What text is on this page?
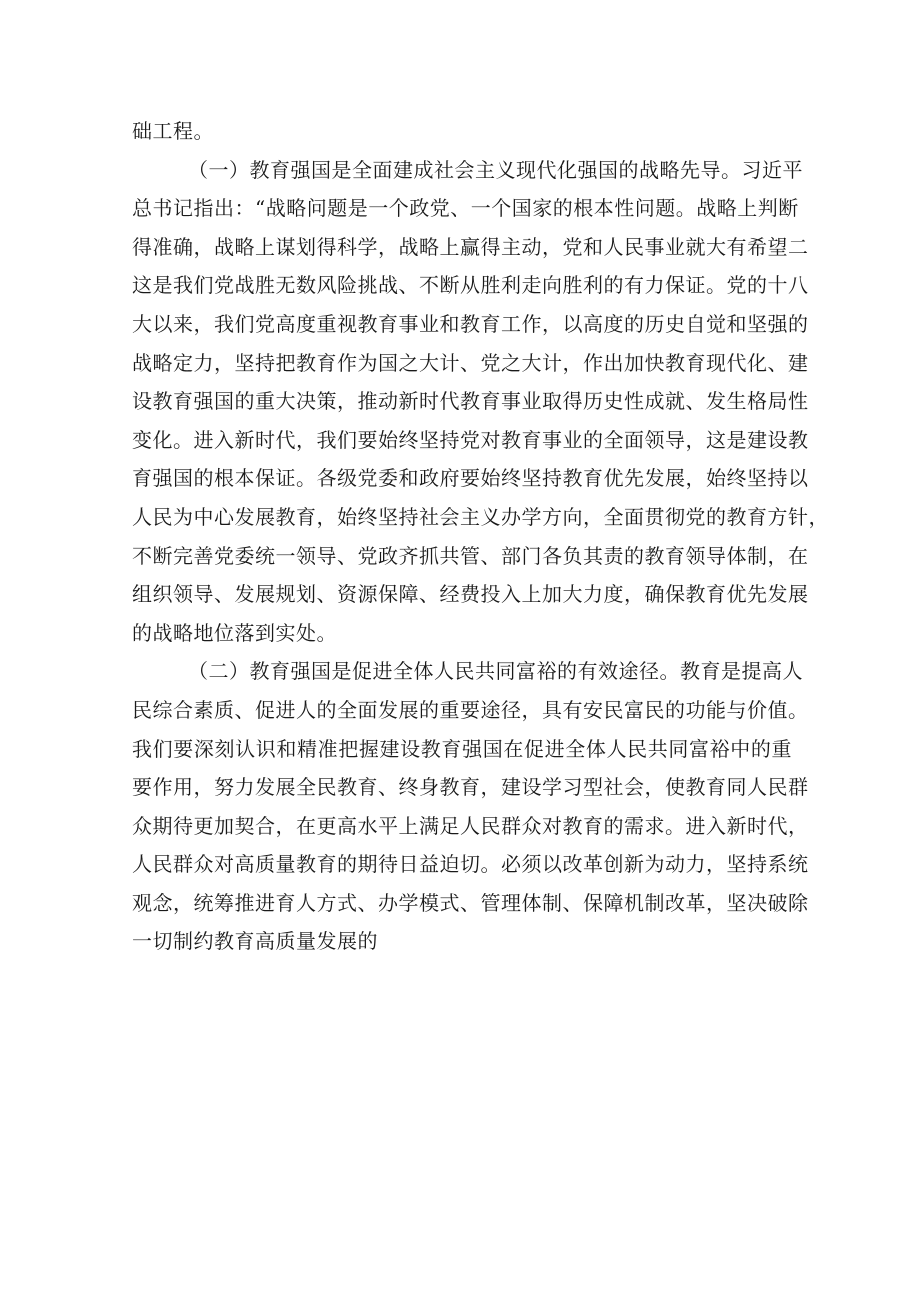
础工程。
（一）教育强国是全面建成社会主义现代化强国的战略先导。习近平
总书记指出：“战略问题是一个政党、一个国家的根本性问题。战略上判断
得准确，战略上谋划得科学，战略上赢得主动，党和人民事业就大有希望二
这是我们党战胜无数风险挑战、不断从胜利走向胜利的有力保证。党的十八
大以来，我们党高度重视教育事业和教育工作，以高度的历史自觉和坚强的
战略定力，坚持把教育作为国之大计、党之大计，作出加快教育现代化、建
设教育强国的重大决策，推动新时代教育事业取得历史性成就、发生格局性
变化。进入新时代，我们要始终坚持党对教育事业的全面领导，这是建设教
育强国的根本保证。各级党委和政府要始终坚持教育优先发展，始终坚持以
人民为中心发展教育，始终坚持社会主义办学方向，全面贯彻党的教育方针，
不断完善党委统一领导、党政齐抓共管、部门各负其责的教育领导体制，在
组织领导、发展规划、资源保障、经费投入上加大力度，确保教育优先发展
的战略地位落到实处。
（二）教育强国是促进全体人民共同富裕的有效途径。教育是提高人
民综合素质、促进人的全面发展的重要途径，具有安民富民的功能与价值。
我们要深刻认识和精准把握建设教育强国在促进全体人民共同富裕中的重
要作用，努力发展全民教育、终身教育，建设学习型社会，使教育同人民群
众期待更加契合，在更高水平上满足人民群众对教育的需求。进入新时代，
人民群众对高质量教育的期待日益迫切。必须以改革创新为动力，坚持系统
观念，统筹推进育人方式、办学模式、管理体制、保障机制改革，坚决破除
一切制约教育高质量发展的
